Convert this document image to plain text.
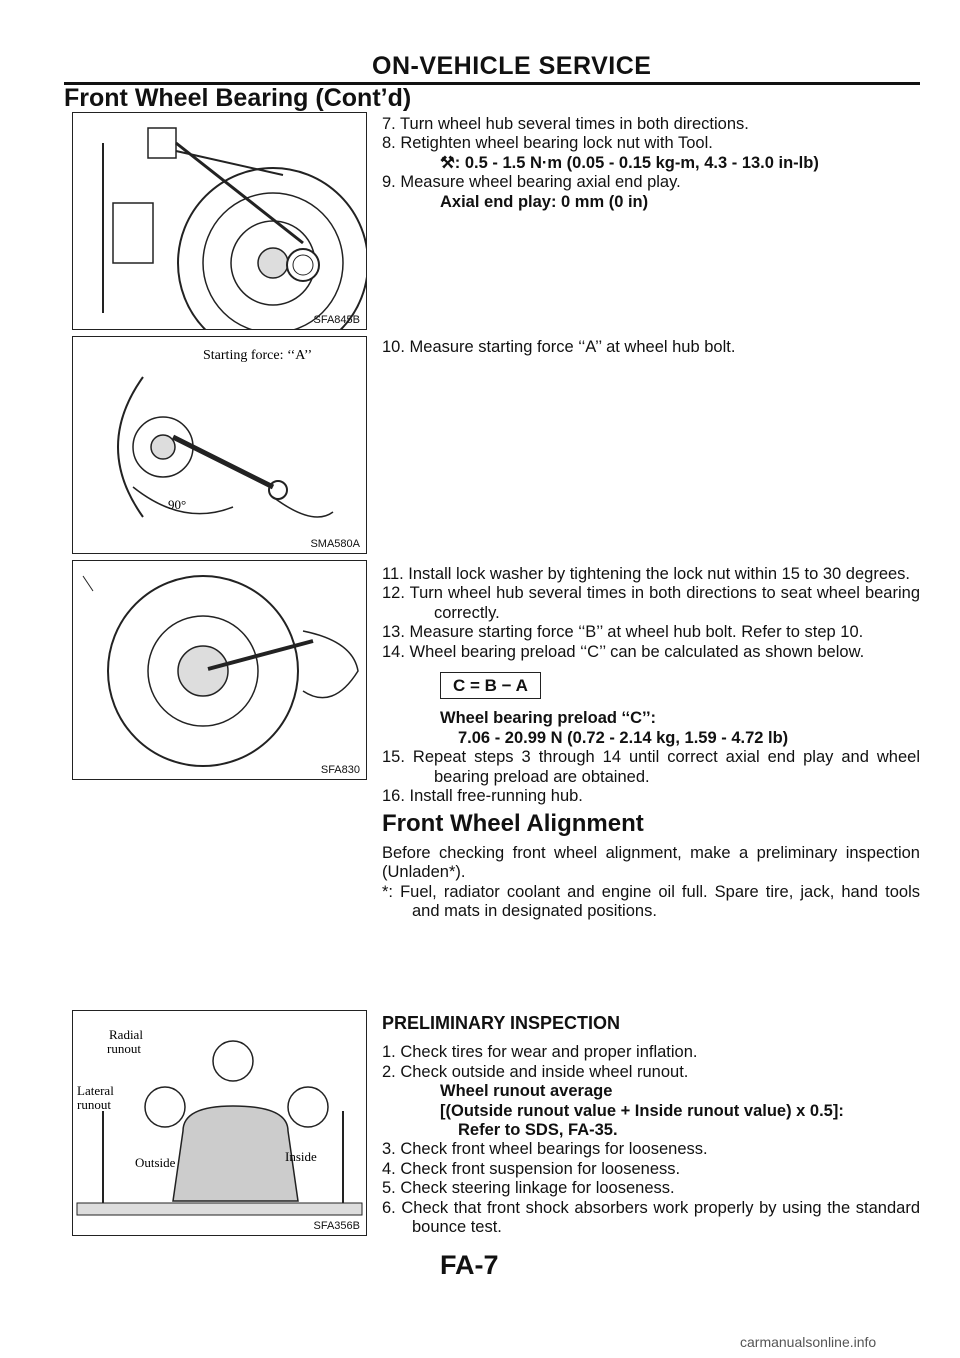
ON-VEHICLE SERVICE
Front Wheel Bearing (Cont’d)
SFA845B
Starting force: ‘‘A’’
90°
SMA580A
SFA830
Radial runout
Lateral runout
Outside	Inside
SFA356B

7. Turn wheel hub several times in both directions.

8. Retighten wheel bearing lock nut with Tool.

⚒: 0.5 - 1.5 N·m (0.05 - 0.15 kg-m, 4.3 - 13.0 in-lb)

9. Measure wheel bearing axial end play.

Axial end play: 0 mm (0 in)

10. Measure starting force ‘‘A’’ at wheel hub bolt.

11. Install lock washer by tightening the lock nut within 15 to 30 degrees.

12. Turn wheel hub several times in both directions to seat wheel bearing correctly.

13. Measure starting force ‘‘B’’ at wheel hub bolt. Refer to step 10.

14. Wheel bearing preload ‘‘C’’ can be calculated as shown below.

C = B − A

Wheel bearing preload ‘‘C’’:

7.06 - 20.99 N (0.72 - 2.14 kg, 1.59 - 4.72 lb)

15. Repeat steps 3 through 14 until correct axial end play and wheel bearing preload are obtained.

16. Install free-running hub.

Front Wheel Alignment

Before checking front wheel alignment, make a preliminary inspection (Unladen*).

*: Fuel, radiator coolant and engine oil full. Spare tire, jack, hand tools and mats in designated positions.

PRELIMINARY INSPECTION

1. Check tires for wear and proper inflation.

2. Check outside and inside wheel runout.

Wheel runout average

[(Outside runout value + Inside runout value) x 0.5]:

Refer to SDS, FA-35.

3. Check front wheel bearings for looseness.

4. Check front suspension for looseness.

5. Check steering linkage for looseness.

6. Check that front shock absorbers work properly by using the standard bounce test.

FA-7
carmanualsonline.info
